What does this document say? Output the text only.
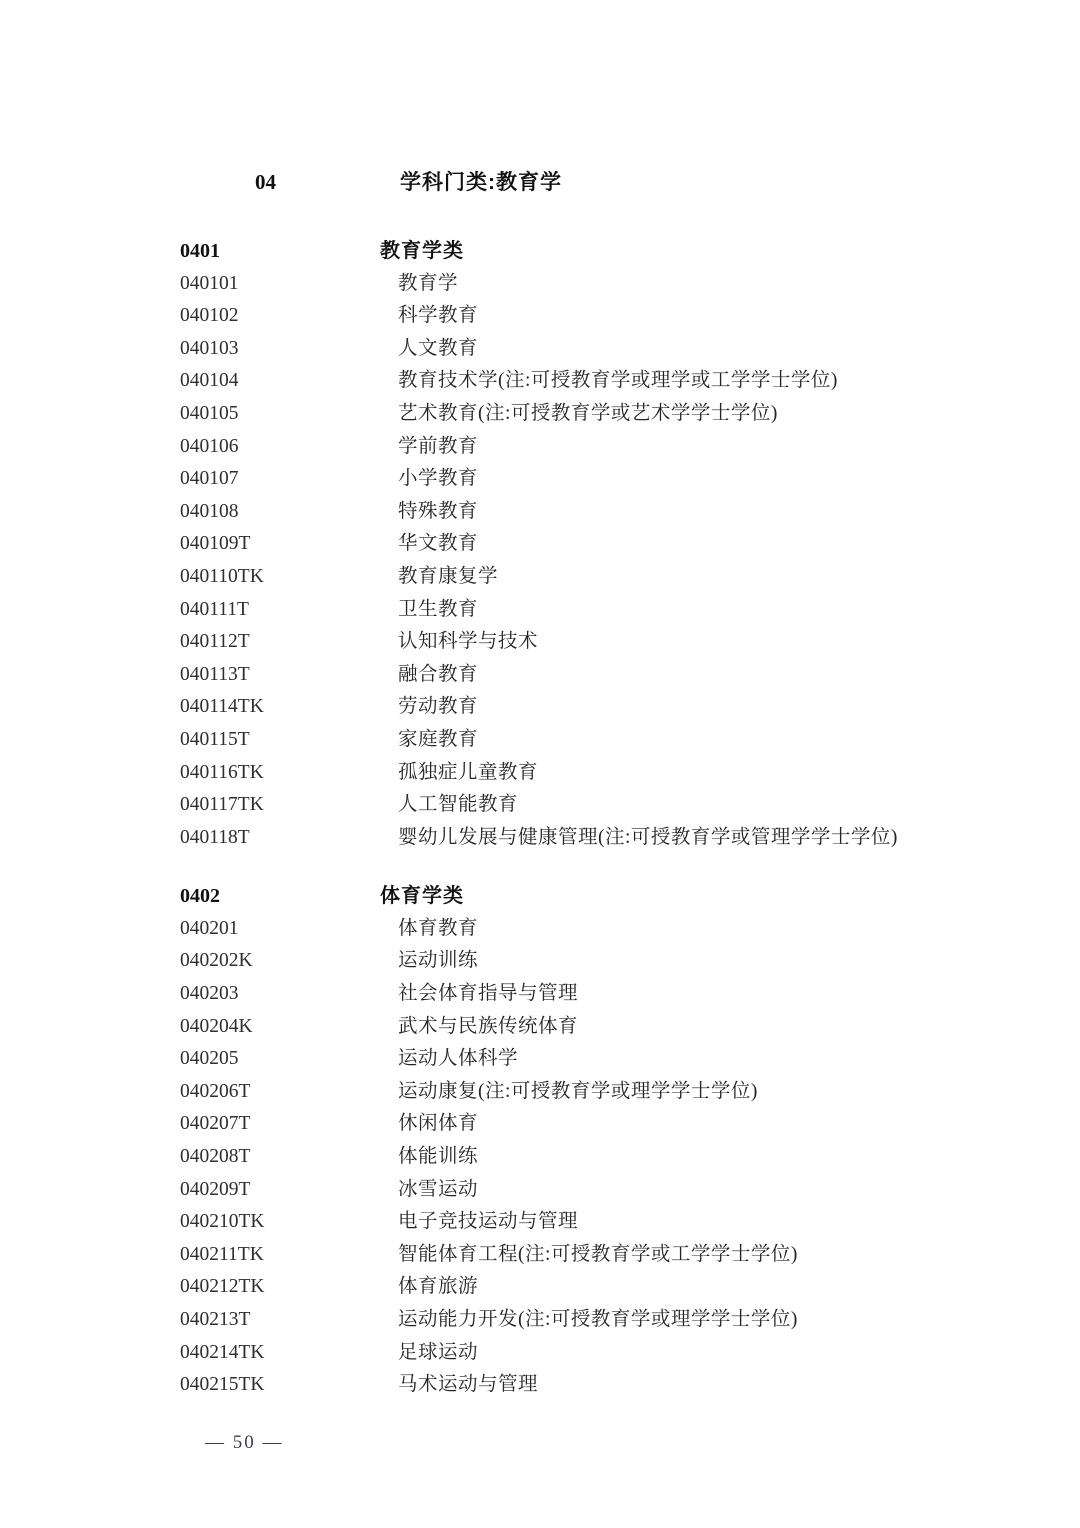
04	学科门类:教育学
0401	教育学类
040101	教育学
040102	科学教育
040103	人文教育
040104	教育技术学(注:可授教育学或理学或工学学士学位)
040105	艺术教育(注:可授教育学或艺术学学士学位)
040106	学前教育
040107	小学教育
040108	特殊教育
040109T	华文教育
040110TK	教育康复学
040111T	卫生教育
040112T	认知科学与技术
040113T	融合教育
040114TK	劳动教育
040115T	家庭教育
040116TK	孤独症儿童教育
040117TK	人工智能教育
040118T	婴幼儿发展与健康管理(注:可授教育学或管理学学士学位)
0402	体育学类
040201	体育教育
040202K	运动训练
040203	社会体育指导与管理
040204K	武术与民族传统体育
040205	运动人体科学
040206T	运动康复(注:可授教育学或理学学士学位)
040207T	休闲体育
040208T	体能训练
040209T	冰雪运动
040210TK	电子竞技运动与管理
040211TK	智能体育工程(注:可授教育学或工学学士学位)
040212TK	体育旅游
040213T	运动能力开发(注:可授教育学或理学学士学位)
040214TK	足球运动
040215TK	马术运动与管理
— 50 —
